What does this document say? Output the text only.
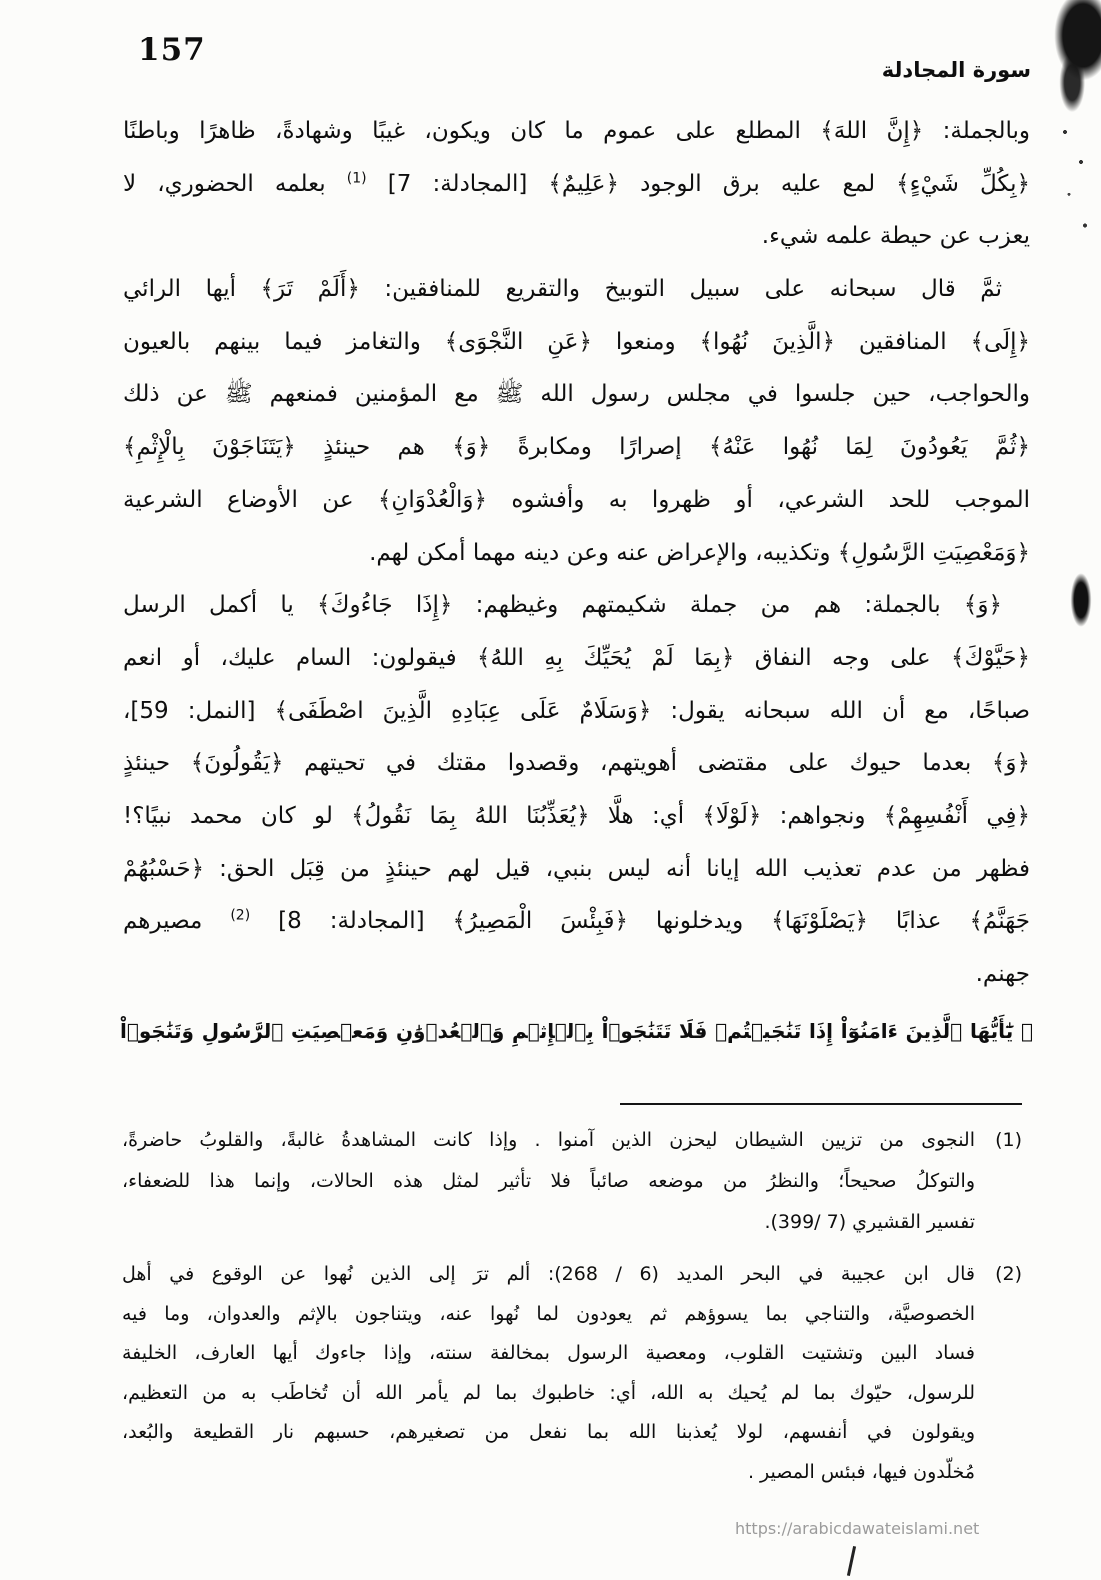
157
سورة المجادلة
وبالجملة: ﴿إِنَّ اللهَ﴾ المطلع على عموم ما كان ويكون، غيبًا وشهادةً، ظاهرًا وباطنًا
﴿بِكُلِّ شَيْءٍ﴾ لمع عليه برق الوجود ﴿عَلِيمٌ﴾ [المجادلة: 7] $^{(1)}$ بعلمه الحضوري، لا
يعزب عن حيطة علمه شيء.
ثمَّ قال سبحانه على سبيل التوبيخ والتقريع للمنافقين: ﴿أَلَمْ تَرَ﴾ أيها الرائي
﴿إِلَى﴾ المنافقين ﴿الَّذِينَ نُهُوا﴾ ومنعوا ﴿عَنِ النَّجْوَى﴾ والتغامز فيما بينهم بالعيون
والحواجب، حين جلسوا في مجلس رسول الله ﷺ مع المؤمنين فمنعهم ﷺ عن ذلك
﴿ثُمَّ يَعُودُونَ لِمَا نُهُوا عَنْهُ﴾ إصرارًا ومكابرةً ﴿وَ﴾ هم حينئذٍ ﴿يَتَنَاجَوْنَ بِالْإِثْمِ﴾
الموجب للحد الشرعي، أو ظهروا به وأفشوه ﴿وَالْعُدْوَانِ﴾ عن الأوضاع الشرعية
﴿وَمَعْصِيَتِ الرَّسُولِ﴾ وتكذيبه، والإعراض عنه وعن دينه مهما أمكن لهم.
﴿وَ﴾ بالجملة: هم من جملة شكيمتهم وغيظهم: ﴿إِذَا جَاءُوكَ﴾ يا أكمل الرسل
﴿حَيَّوْكَ﴾ على وجه النفاق ﴿بِمَا لَمْ يُحَيِّكَ بِهِ اللهُ﴾ فيقولون: السام عليك، أو انعم
صباحًا، مع أن الله سبحانه يقول: ﴿وَسَلَامٌ عَلَى عِبَادِهِ الَّذِينَ اصْطَفَى﴾ [النمل: 59]،
﴿وَ﴾ بعدما حيوك على مقتضى أهويتهم، وقصدوا مقتك في تحيتهم ﴿يَقُولُونَ﴾ حينئذٍ
﴿فِي أَنْفُسِهِمْ﴾ ونجواهم: ﴿لَوْلَا﴾ أي: هلَّا ﴿يُعَذِّبُنَا اللهُ بِمَا نَقُولُ﴾ لو كان محمد نبيًا؟!
فظهر من عدم تعذيب الله إيانا أنه ليس بنبي، قيل لهم حينئذٍ من قِبَل الحق: ﴿حَسْبُهُمْ
جَهَنَّمُ﴾ عذابًا ﴿يَصْلَوْنَهَا﴾ ويدخلونها ﴿فَبِئْسَ الْمَصِيرُ﴾ [المجادلة: 8] $^{(2)}$ مصيرهم
جهنم.
﴿ يَٰٓأَيُّهَا ٱلَّذِينَ ءَامَنُوٓاْ إِذَا تَنَٰجَيۡتُمۡ فَلَا تَتَنَٰجَوۡاْ بِٱلۡإِثۡمِ وَٱلۡعُدۡوَٰنِ وَمَعۡصِيَتِ ٱلرَّسُولِ وَتَنَٰجَوۡاْ
(1)
النجوى من تزيين الشيطان ليحزن الذين آمنوا . وإذا كانت المشاهدةُ غالبةً، والقلوبُ حاضرةً،
والتوكلُ صحيحاً؛ والنظرُ من موضعه صائباً فلا تأثير لمثل هذه الحالات، وإنما هذا للضعفاء،
تفسير القشيري (7 /399).
(2)
قال ابن عجيبة في البحر المديد (6 / 268): ألم ترَ إلى الذين نُهوا عن الوقوع في أهل
الخصوصيَّة، والتناجي بما يسوؤهم ثم يعودون لما نُهوا عنه، ويتناجون بالإثم والعدوان، وما فيه
فساد البين وتشتيت القلوب، ومعصية الرسول بمخالفة سنته، وإذا جاءوك أيها العارف، الخليفة
للرسول، حيّوك بما لم يُحيك به الله، أي: خاطبوك بما لم يأمر الله أن تُخاطَب به من التعظيم،
ويقولون في أنفسهم، لولا يُعذبنا الله بما نفعل من تصغيرهم، حسبهم نار القطيعة والبُعد،
مُخلّدون فيها، فبئس المصير .
https://arabicdawateislami.net
